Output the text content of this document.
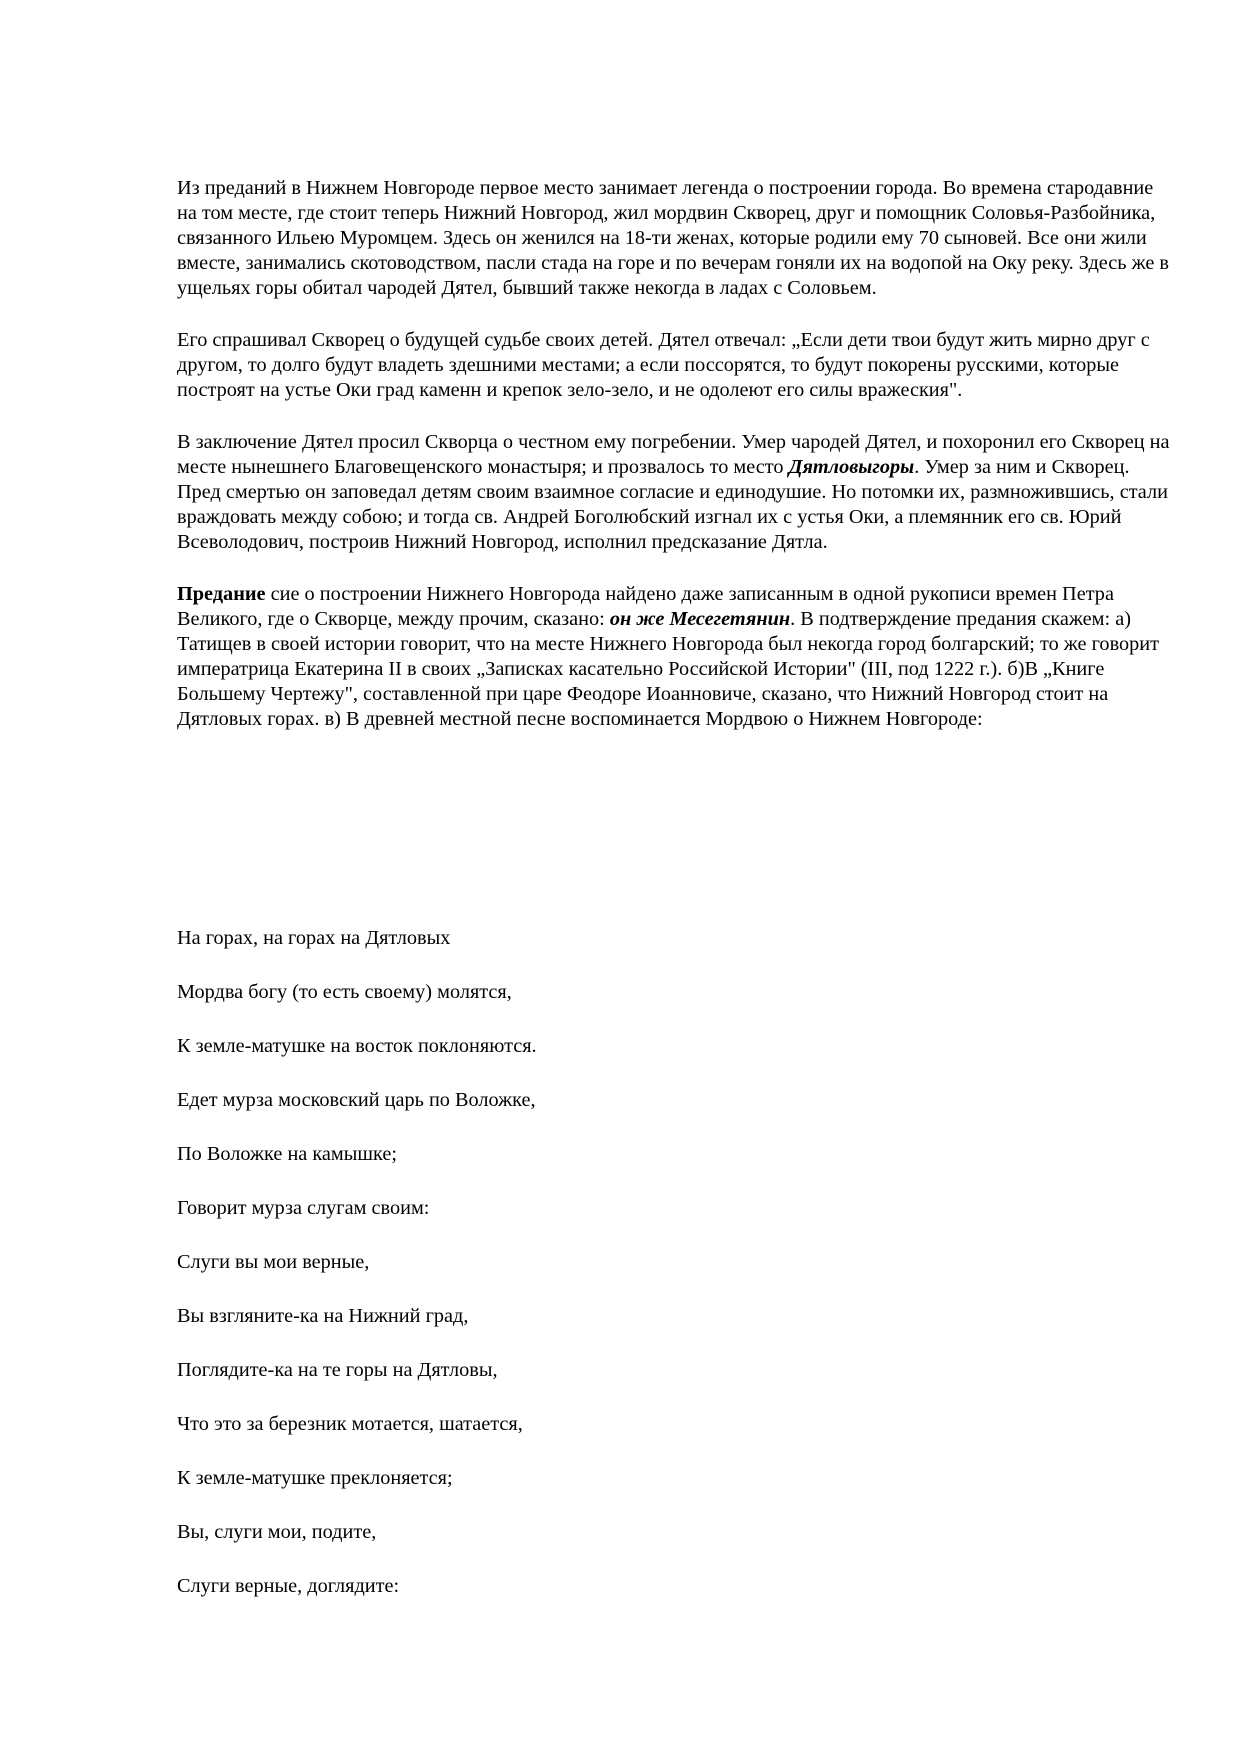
Из преданий в Нижнем Новгороде первое место занимает легенда о построении города. Во времена стародавние на том месте, где стоит теперь Нижний Новгород, жил мордвин Скворец, друг и помощник Соловья-Разбойника, связанного Ильею Муромцем. Здесь он женился на 18-ти женах, которые родили ему 70 сыновей. Все они жили вместе, занимались скотоводством, пасли стада на горе и по вечерам гоняли их на водопой на Оку реку. Здесь же в ущельях горы обитал чародей Дятел, бывший также некогда в ладах с Соловьем.

Его спрашивал Скворец о будущей судьбе своих детей. Дятел отвечал: „Если дети твои будут жить мирно друг с другом, то долго будут владеть здешними местами; а если поссорятся, то будут покорены русскими, которые построят на устье Оки град каменн и крепок зело-зело, и не одолеют его силы вражеския".

В заключение Дятел просил Скворца о честном ему погребении. Умер чародей Дятел, и похоронил его Скворец на месте нынешнего Благовещенского монастыря; и прозвалось то место Дятловыгоры. Умер за ним и Скворец. Пред смертью он заповедал детям своим взаимное согласие и единодушие. Но потомки их, размножившись, стали враждовать между собою; и тогда св. Андрей Боголюбский изгнал их с устья Оки, а племянник его св. Юрий Всеволодович, построив Нижний Новгород, исполнил предсказание Дятла.

Предание сие о построении Нижнего Новгорода найдено даже записанным в одной рукописи времен Петра Великого, где о Скворце, между прочим, сказано: он же Месегетянин. В подтверждение предания скажем: а) Татищев в своей истории говорит, что на месте Нижнего Новгорода был некогда город болгарский; то же говорит императрица Екатерина II в своих „Записках касательно Российской Истории" (III, под 1222 г.). б)В „Книге Большему Чертежу", составленной при царе Феодоре Иоанновиче, сказано, что Нижний Новгород стоит на Дятловых горах. в) В древней местной песне воспоминается Мордвою о Нижнем Новгороде:

На горах, на горах на Дятловых
Мордва богу (то есть своему) молятся,
К земле-матушке на восток поклоняются.
Едет мурза московский царь по Воложке,
По Воложке на камышке;
Говорит мурза слугам своим:
Слуги вы мои верные,
Вы взгляните-ка на Нижний град,
Поглядите-ка на те горы на Дятловы,
Что это за березник мотается, шатается,
К земле-матушке преклоняется;
Вы, слуги мои, подите,
Слуги верные, доглядите:
